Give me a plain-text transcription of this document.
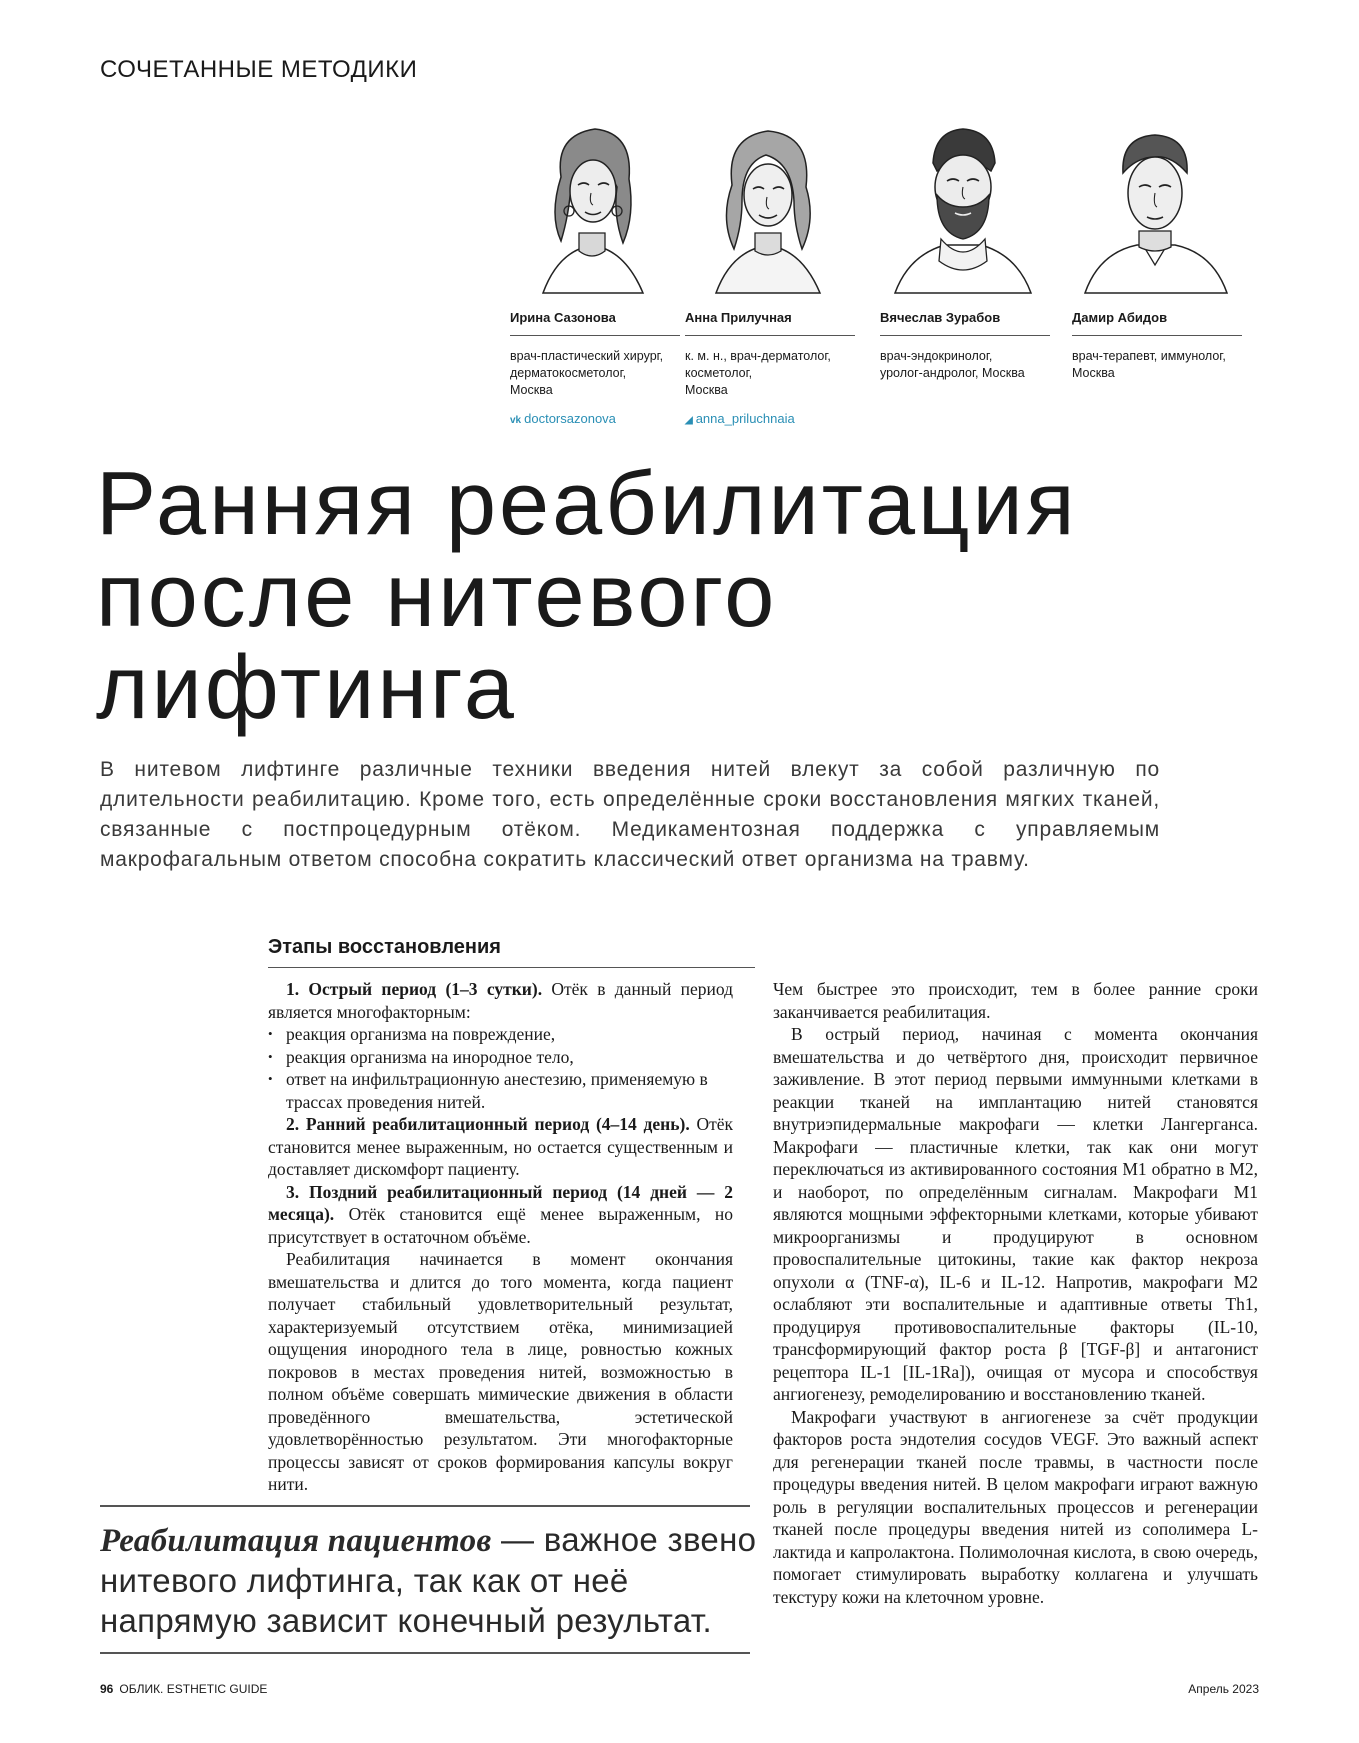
СОЧЕТАННЫЕ МЕТОДИКИ
Ирина Сазонова
врач-пластический хирург,
дерматокосметолог,
Москва
vk doctorsazonova
Анна Прилучная
к. м. н., врач-дерматолог,
косметолог,
Москва
◢ anna_priluchnaia
Вячеслав Зурабов
врач-эндокринолог,
уролог-андролог, Москва
Дамир Абидов
врач-терапевт, иммунолог,
Москва
Ранняя реабилитация
после нитевого
лифтинга

В нитевом лифтинге различные техники введения нитей влекут за собой различную по длительности реабилитацию. Кроме того, есть определённые сроки восстановления мягких тканей, связанные с постпроцедурным отёком. Медикаментозная поддержка с управляемым макрофагальным ответом способна сократить классический ответ организма на травму.

Этапы восстановления

1. Острый период (1–3 сутки). Отёк в данный период является многофакторным:

• реакция организма на повреждение,
• реакция организма на инородное тело,
• ответ на инфильтрационную анестезию, применяемую в трассах проведения нитей.

2. Ранний реабилитационный период (4–14 день). Отёк становится менее выраженным, но остается существенным и доставляет дискомфорт пациенту.

3. Поздний реабилитационный период (14 дней — 2 месяца). Отёк становится ещё менее выраженным, но присутствует в остаточном объёме.

Реабилитация начинается в момент окончания вмешательства и длится до того момента, когда пациент получает стабильный удовлетворительный результат, характеризуемый отсутствием отёка, минимизацией ощущения инородного тела в лице, ровностью кожных покровов в местах проведения нитей, возможностью в полном объёме совершать мимические движения в области проведённого вмешательства, эстетической удовлетворённостью результатом. Эти многофакторные процессы зависят от сроков формирования капсулы вокруг нити.

Чем быстрее это происходит, тем в более ранние сроки заканчивается реабилитация.

В острый период, начиная с момента окончания вмешательства и до четвёртого дня, происходит первичное заживление. В этот период первыми иммунными клетками в реакции тканей на имплантацию нитей становятся внутриэпидермальные макрофаги — клетки Лангерганса. Макрофаги — пластичные клетки, так как они могут переключаться из активированного состояния M1 обратно в M2, и наоборот, по определённым сигналам. Макрофаги M1 являются мощными эффекторными клетками, которые убивают микроорганизмы и продуцируют в основном провоспалительные цитокины, такие как фактор некроза опухоли α (TNF-α), IL-6 и IL-12. Напротив, макрофаги M2 ослабляют эти воспалительные и адаптивные ответы Th1, продуцируя противовоспалительные факторы (IL-10, трансформирующий фактор роста β [TGF-β] и антагонист рецептора IL-1 [IL-1Ra]), очищая от мусора и способствуя ангиогенезу, ремоделированию и восстановлению тканей.

Макрофаги участвуют в ангиогенезе за счёт продукции факторов роста эндотелия сосудов VEGF. Это важный аспект для регенерации тканей после травмы, в частности после процедуры введения нитей. В целом макрофаги играют важную роль в регуляции воспалительных процессов и регенерации тканей после процедуры введения нитей из сополимера L-лактида и капролактона. Полимолочная кислота, в свою очередь, помогает стимулировать выработку коллагена и улучшать текстуру кожи на клеточном уровне.

Реабилитация пациентов — важное звено нитевого лифтинга, так как от неё напрямую зависит конечный результат.
96 ОБЛИК. ESTHETIC GUIDE	Апрель 2023
